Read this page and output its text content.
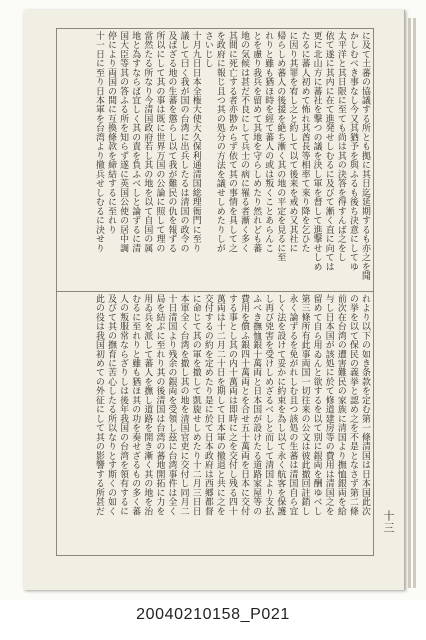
に及て土蕃の協議する所とも拠に其日迄延期するも亦之を聞
かしむべき事なし今又其猶予を與ふるも後ち決意にしてゆ
太平洋と其日限に至ても尚は其の決答を得すんば之をし
依て遂に其内に在て進発せしむるに及びて漸く直に向ては
更に北山方に蕃社を撃つの議を決し軍を督して進撃せしめ
たるに蕃人初めて怖れ其酋長等相率て來り降を乞ひた
に因り其罪を宥し之と約して以て後来を戒め又其社に
帰らしめ蕃人の後援を絶ち漸く其の地の平定を見るに至
れりと雖も猶ほ時を經て蕃人の或は叛くことあらんこ
とを慮り我兵を留めて其地を守らしめたり然れども蕃
地の気候は甚だ不良にして兵士の病に罹る者漸く多く
其間に死亡する者亦尠からず依て其の事情を具して之
を政府に報じ且つ其の処分の方法を議せしめたりしが
さいじし
十月九日日本全権大使大久保利通清国総理衙門に至り
議して曰く我が国の台湾に出兵したるは清国の政令の
及ばざる地の生蕃を懲らし以て我が難民の仇を報ずる
所以にして其の事は既に世界万国の公論に照して理の
當然たる所なり今清国政府若し其の地を以て自国の属
地と為すならば宜しく其の責を負ふべしと論ずるに清
国大臣等其の答ふる所を知らず遂に英国公使の居中調
停により両国の間に互換條款を締結するに至れり
十一日に至り日本軍を台湾より撤兵せしむるに決せり
れより以下の如き条款を定む第一條清国は日本国此次
の挙を以て保民の義挙と認め之を不是となさず第二條
前次在台湾の遭害難民の家族に清国より撫恤銀両を給
与し日本国が該処に於て修道建房等の費用は清国之を
留めて自ら用ゐんと欲するを以て別に銀両を酬ゆべし
第三條所有此事両国一切往来の公文は彼此撤回註銷し
永く論ずるを免がれしむ且つ該処の生蕃は清国自ら宜
しく法を設けて妥かに約束を為し以て永く航客を保護
し再び兇害を受けしめざるべしと而して清国より支払
ふべき撫恤銀十萬両と日本国が設けたる道路家屋等の
費用を償ふ銀四十萬両とを合せ五十萬両を日本に交付
する事とし其の内十萬両は即時に之を交付し残る四十
萬両は十二月二十日を期して日本軍の撤退と共に之を
交付するの約を定めたり是に於て日本政府は西郷都督
に命じて其の軍を撤して凱旋せしめたり十二月三日日
本軍全く台湾を撤し其の地を清国官吏に交付し同月二
十日清国より残余の銀両を受領し茲に台湾事件は全く
局を結ぶに至れり其の後清国は台湾の蕃地開拓に力を
用ゐ兵を派して蕃人を撫し道路を開き漸く其の地を治
むるに至れりと雖も猶ほ其の功を奏せざるもの多く蕃
人の叛服常ならざりしは後年我国の台湾を領有するに
及びて其の撫育に苦心したる所以なりとす斯くの如く
此の役は我国初めての外征にして其の影響する所甚だ
十三
20040210158_P021
